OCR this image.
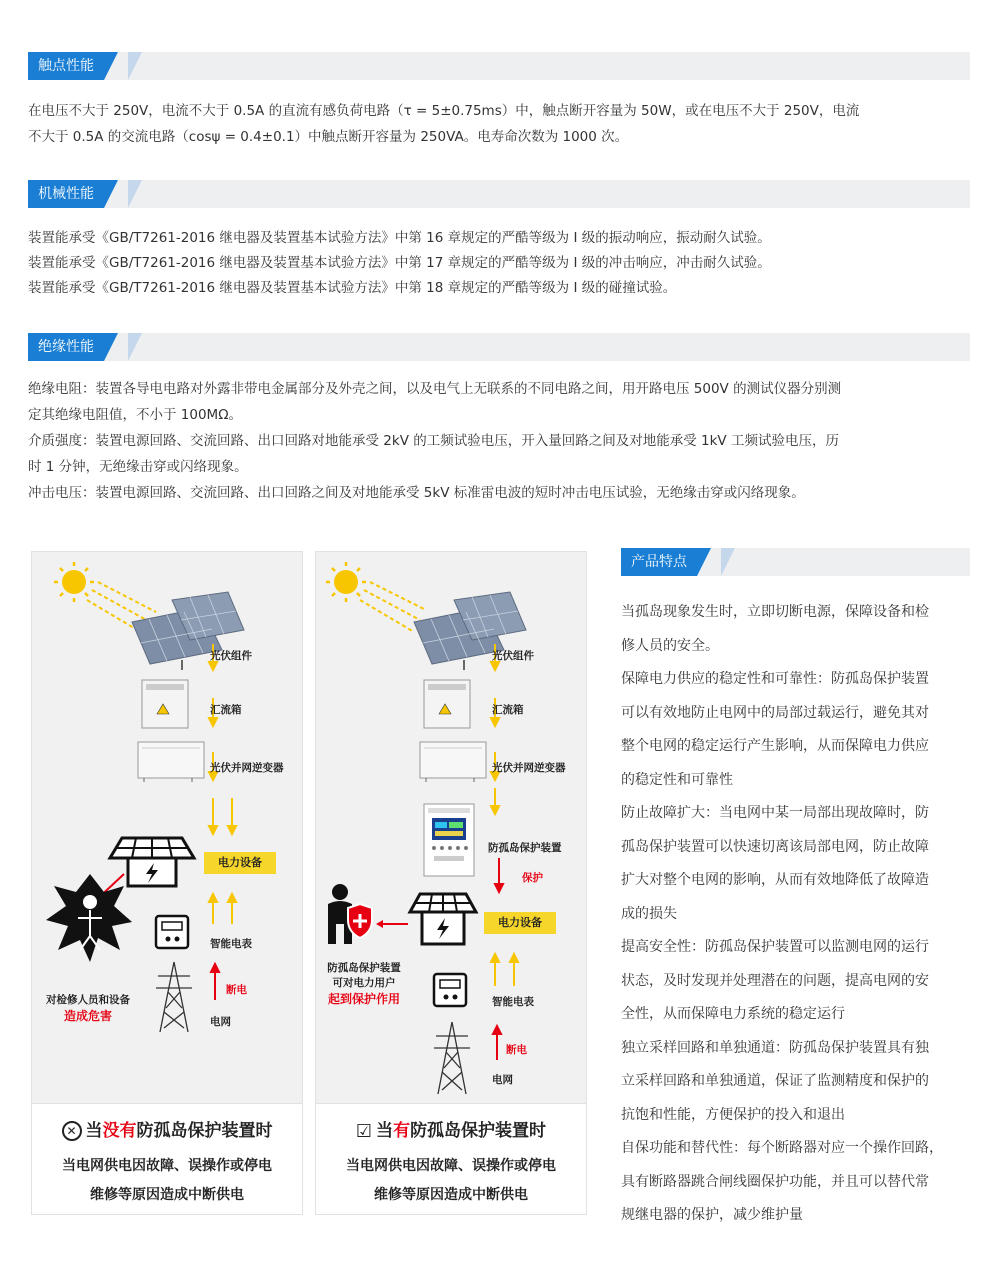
触点性能

在电压不大于 250V，电流不大于 0.5A 的直流有感负荷电路（τ = 5±0.75ms）中，触点断开容量为 50W，或在电压不大于 250V，电流

不大于 0.5A 的交流电路（cosψ = 0.4±0.1）中触点断开容量为 250VA。电寿命次数为 1000 次。

机械性能

装置能承受《GB/T7261-2016 继电器及装置基本试验方法》中第 16 章规定的严酷等级为 I 级的振动响应，振动耐久试验。

装置能承受《GB/T7261-2016 继电器及装置基本试验方法》中第 17 章规定的严酷等级为 I 级的冲击响应，冲击耐久试验。

装置能承受《GB/T7261-2016 继电器及装置基本试验方法》中第 18 章规定的严酷等级为 I 级的碰撞试验。

绝缘性能

绝缘电阻：装置各导电电路对外露非带电金属部分及外壳之间，以及电气上无联系的不同电路之间，用开路电压 500V 的测试仪器分别测

定其绝缘电阻值，不小于 100MΩ。

介质强度：装置电源回路、交流回路、出口回路对地能承受 2kV 的工频试验电压，开入量回路之间及对地能承受 1kV 工频试验电压，历

时 1 分钟，无绝缘击穿或闪络现象。

冲击电压：装置电源回路、交流回路、出口回路之间及对地能承受 5kV 标准雷电波的短时冲击电压试验，无绝缘击穿或闪络现象。

光伏组件
汇流箱
光伏并网逆变器
电力设备
智能电表
断电
电网
对检修人员和设备
造成危害
✕ 当没有防孤岛保护装置时
当电网供电因故障、误操作或停电
维修等原因造成中断供电
光伏组件
汇流箱
光伏并网逆变器
防孤岛保护装置
保护
电力设备
智能电表
断电
电网
防孤岛保护装置
可对电力用户
起到保护作用
☑ 当有防孤岛保护装置时
当电网供电因故障、误操作或停电
维修等原因造成中断供电
产品特点

当孤岛现象发生时，立即切断电源，保障设备和检

修人员的安全。

保障电力供应的稳定性和可靠性：防孤岛保护装置

可以有效地防止电网中的局部过载运行，避免其对

整个电网的稳定运行产生影响，从而保障电力供应

的稳定性和可靠性

防止故障扩大：当电网中某一局部出现故障时，防

孤岛保护装置可以快速切离该局部电网，防止故障

扩大对整个电网的影响，从而有效地降低了故障造

成的损失

提高安全性：防孤岛保护装置可以监测电网的运行

状态，及时发现并处理潜在的问题，提高电网的安

全性，从而保障电力系统的稳定运行

独立采样回路和单独通道：防孤岛保护装置具有独

立采样回路和单独通道，保证了监测精度和保护的

抗饱和性能，方便保护的投入和退出

自保功能和替代性：每个断路器对应一个操作回路，

具有断路器跳合闸线圈保护功能，并且可以替代常

规继电器的保护，减少维护量
